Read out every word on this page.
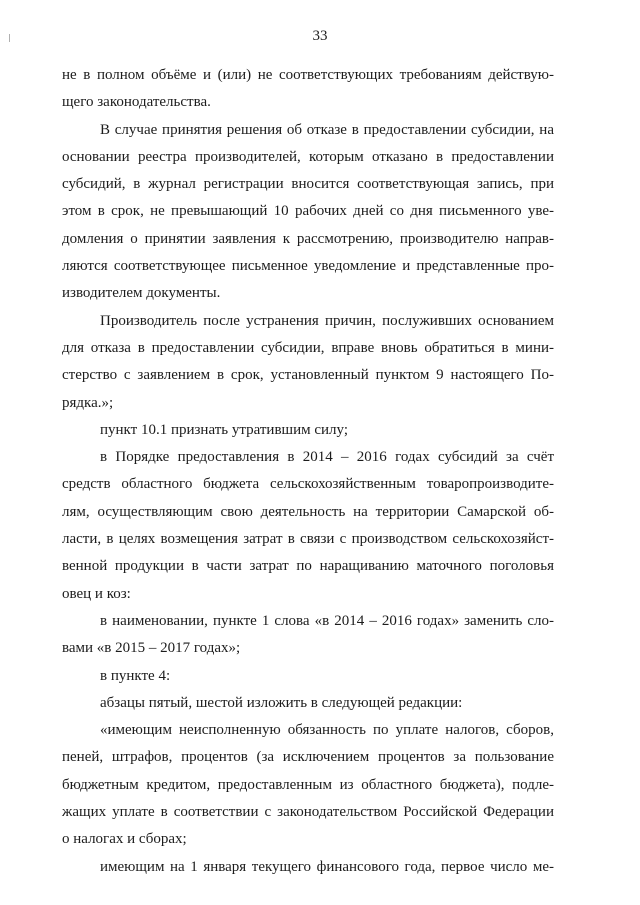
33
не в полном объёме и (или) не соответствующих требованиям действую-
щего законодательства.
В случае принятия решения об отказе в предоставлении субсидии, на
основании реестра производителей, которым отказано в предоставлении
субсидий, в журнал регистрации вносится соответствующая запись, при
этом в срок, не превышающий 10 рабочих дней со дня письменного уве-
домления о принятии заявления к рассмотрению, производителю направ-
ляются соответствующее письменное уведомление и представленные про-
изводителем документы.
Производитель после устранения причин, послуживших основанием
для отказа в предоставлении субсидии, вправе вновь обратиться в мини-
стерство с заявлением в срок, установленный пунктом 9 настоящего По-
рядка.»;
пункт 10.1 признать утратившим силу;
в Порядке предоставления в 2014 – 2016 годах субсидий за счёт
средств областного бюджета сельскохозяйственным товаропроизводите-
лям, осуществляющим свою деятельность на территории Самарской об-
ласти, в целях возмещения затрат в связи с производством сельскохозяйст-
венной продукции в части затрат по наращиванию маточного поголовья
овец и коз:
в наименовании, пункте 1 слова «в 2014 – 2016 годах» заменить сло-
вами «в 2015 – 2017 годах»;
в пункте 4:
абзацы пятый, шестой изложить в следующей редакции:
«имеющим неисполненную обязанность по уплате налогов, сборов,
пеней, штрафов, процентов (за исключением процентов за пользование
бюджетным кредитом, предоставленным из областного бюджета), подле-
жащих уплате в соответствии с законодательством Российской Федерации
о налогах и сборах;
имеющим на 1 января текущего финансового года, первое число ме-
